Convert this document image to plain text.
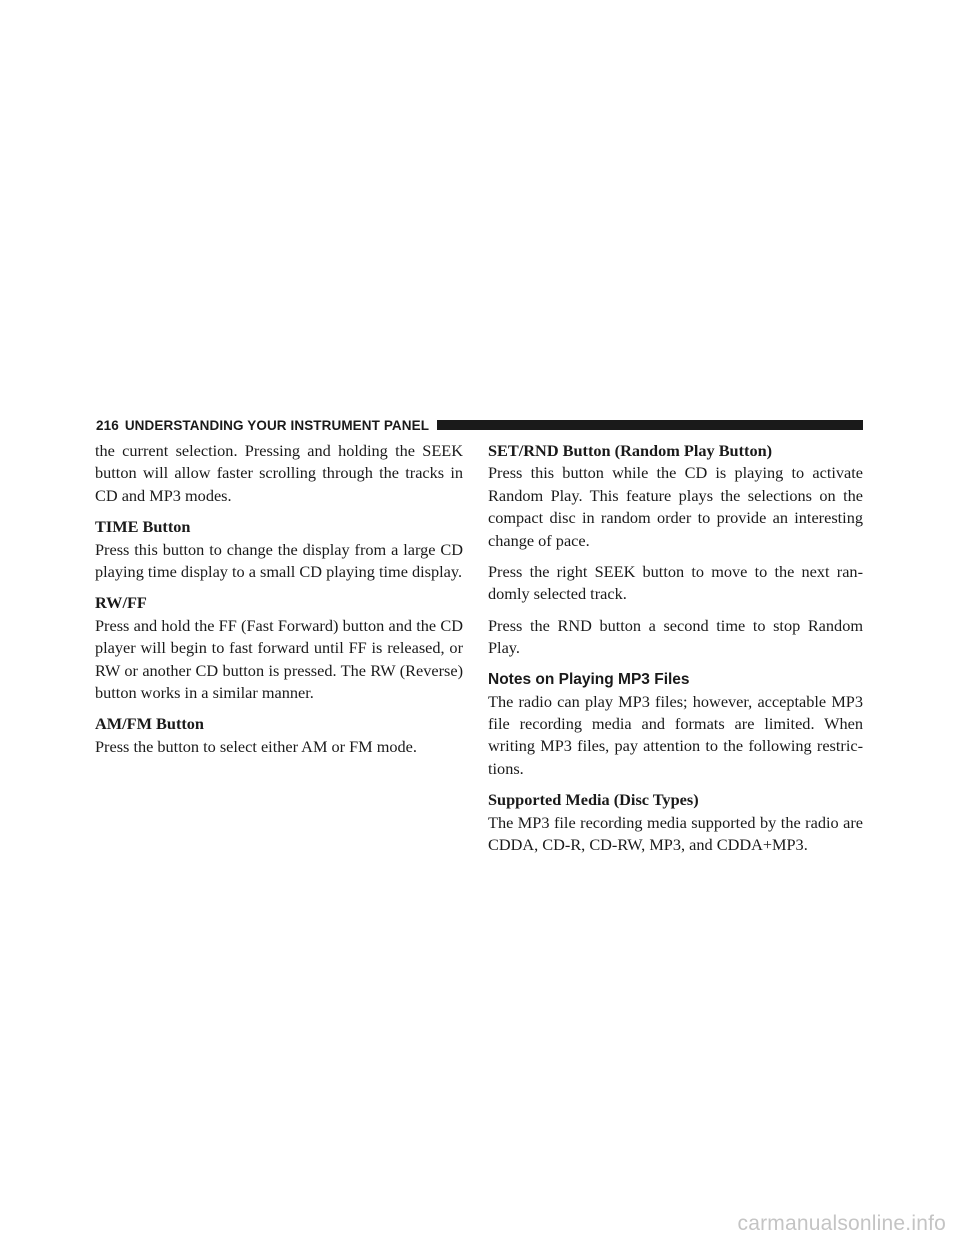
216 UNDERSTANDING YOUR INSTRUMENT PANEL

the current selection. Pressing and holding the SEEK button will allow faster scrolling through the tracks in CD and MP3 modes.

TIME Button

Press this button to change the display from a large CD playing time display to a small CD playing time display.

RW/FF

Press and hold the FF (Fast Forward) button and the CD player will begin to fast forward until FF is released, or RW or another CD button is pressed. The RW (Reverse) button works in a similar manner.

AM/FM Button

Press the button to select either AM or FM mode.

SET/RND Button (Random Play Button)

Press this button while the CD is playing to activate Random Play. This feature plays the selections on the compact disc in random order to provide an interesting change of pace.

Press the right SEEK button to move to the next ran- domly selected track.

Press the RND button a second time to stop Random Play.

Notes on Playing MP3 Files

The radio can play MP3 files; however, acceptable MP3 file recording media and formats are limited. When writing MP3 files, pay attention to the following restric- tions.

Supported Media (Disc Types)

The MP3 file recording media supported by the radio are CDDA, CD-R, CD-RW, MP3, and CDDA+MP3.

carmanualsonline.info
